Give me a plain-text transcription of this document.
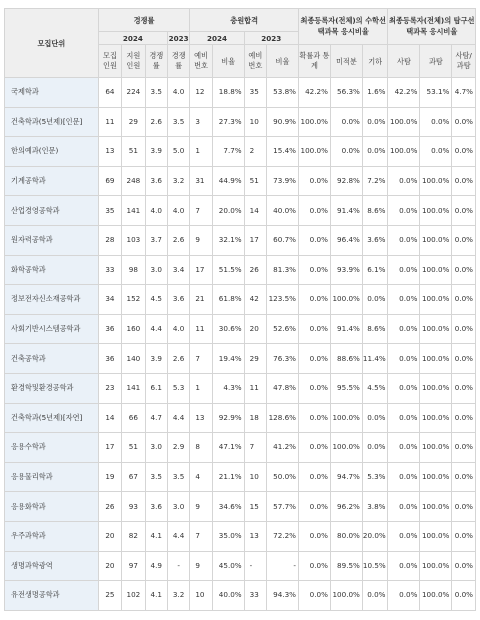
모집단위	경쟁률				충원합격				최종등록자(전체)의 수학선택과목 응시비율			최종등록자(전체)의 탐구선택과목 응시비율		
	2024			2023	2024		2023							
	모집 인원	지원 인원	경쟁 률	경쟁 률	예비 번호	비율	예비 번호	비율	확률과 통계	미적분	기하	사탐	과탐	사탐/ 과탐
국제학과	64	224	3.5	4.0	12	18.8%	35	53.8%	42.2%	56.3%	1.6%	42.2%	53.1%	4.7%
건축학과(5년제)[인문]	11	29	2.6	3.5	3	27.3%	10	90.9%	100.0%	0.0%	0.0%	100.0%	0.0%	0.0%
한의예과(인문)	13	51	3.9	5.0	1	7.7%	2	15.4%	100.0%	0.0%	0.0%	100.0%	0.0%	0.0%
기계공학과	69	248	3.6	3.2	31	44.9%	51	73.9%	0.0%	92.8%	7.2%	0.0%	100.0%	0.0%
산업경영공학과	35	141	4.0	4.0	7	20.0%	14	40.0%	0.0%	91.4%	8.6%	0.0%	100.0%	0.0%
원자력공학과	28	103	3.7	2.6	9	32.1%	17	60.7%	0.0%	96.4%	3.6%	0.0%	100.0%	0.0%
화학공학과	33	98	3.0	3.4	17	51.5%	26	81.3%	0.0%	93.9%	6.1%	0.0%	100.0%	0.0%
정보전자신소재공학과	34	152	4.5	3.6	21	61.8%	42	123.5%	0.0%	100.0%	0.0%	0.0%	100.0%	0.0%
사회기반시스템공학과	36	160	4.4	4.0	11	30.6%	20	52.6%	0.0%	91.4%	8.6%	0.0%	100.0%	0.0%
건축공학과	36	140	3.9	2.6	7	19.4%	29	76.3%	0.0%	88.6%	11.4%	0.0%	100.0%	0.0%
환경학및환경공학과	23	141	6.1	5.3	1	4.3%	11	47.8%	0.0%	95.5%	4.5%	0.0%	100.0%	0.0%
건축학과(5년제)[자연]	14	66	4.7	4.4	13	92.9%	18	128.6%	0.0%	100.0%	0.0%	0.0%	100.0%	0.0%
응용수학과	17	51	3.0	2.9	8	47.1%	7	41.2%	0.0%	100.0%	0.0%	0.0%	100.0%	0.0%
응용물리학과	19	67	3.5	3.5	4	21.1%	10	50.0%	0.0%	94.7%	5.3%	0.0%	100.0%	0.0%
응용화학과	26	93	3.6	3.0	9	34.6%	15	57.7%	0.0%	96.2%	3.8%	0.0%	100.0%	0.0%
우주과학과	20	82	4.1	4.4	7	35.0%	13	72.2%	0.0%	80.0%	20.0%	0.0%	100.0%	0.0%
생명과학광역	20	97	4.9	-	9	45.0%	-	-	0.0%	89.5%	10.5%	0.0%	100.0%	0.0%
유전생명공학과	25	102	4.1	3.2	10	40.0%	33	94.3%	0.0%	100.0%	0.0%	0.0%	100.0%	0.0%
